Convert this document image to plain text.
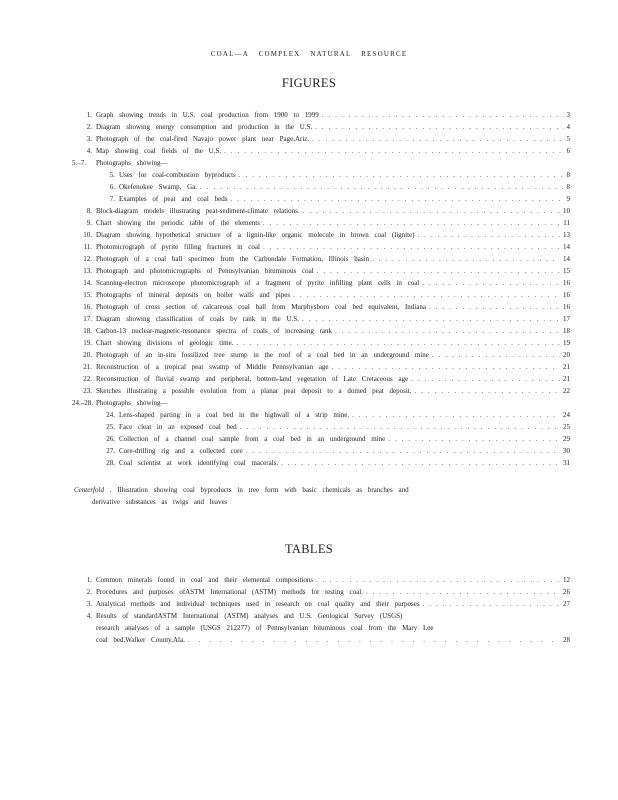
COAL—A COMPLEX NATURAL RESOURCE
FIGURES
1. Graph showing trends in U.S. coal production from 1900 to 1999 . . .	3
2. Diagram showing energy consumption and production in the U.S. . . .	4
3. Photograph of the coal-fired Navajo power plant near Page,Ariz. . . .	5
4. Map showing coal fields of the U.S. . . .	6
5.–7. Photographs showing—
5. Uses for coal-combustion byproducts . . .	8
6. Okefenokee Swamp, Ga. . . .	8
7. Examples of peat and coal beds . . .	9
8. Block-diagram models illustrating peat-sediment-climate relations. . . .	10
9. Chart showing the periodic table of the elements . . .	11
10. Diagram showing hypothetical structure of a lignin-like organic molecule in brown coal (lignite) . . .	13
11. Photomicrograph of pyrite filling fractures in coal . . .	14
12. Photograph of a coal ball specimen from the Carbondale Formation, Illinois basin . . .	14
13. Photograph and photomicrographs of Pennsylvanian bituminous coal . . .	15
14. Scanning-electron microscope photomicrograph of a fragment of pyrite infilling plant cells in coal . . .	16
15. Photographs of mineral deposits on boiler walls and pipes . . .	16
16. Photograph of cross section of calcareous coal ball from Murphysboro coal bed equivalent, Indiana . . .	16
17. Diagram showing classification of coals by rank in the U.S. . . .	17
18. Carbon-13 nuclear-magnetic-resonance spectra of coals of increasing rank . . .	18
19. Chart showing divisions of geologic time. . . .	19
20. Photograph of an in-situ fossilized tree stump in the roof of a coal bed in an underground mine . . .	20
21. Reconstruction of a tropical peat swamp of Middle Pennsylvanian age . . .	21
22. Reconstruction of fluvial swamp and peripheral, bottom-land vegetation of Late Cretaceous age . . .	21
23. Sketches illustrating a possible evolution from a planar peat deposit to a domed peat deposit. . . .	22
24.–28. Photographs showing—
24. Lens-shaped parting in a coal bed in the highwall of a strip mine. . . .	24
25. Face cleat in an exposed coal bed . . .	25
26. Collection of a channel coal sample from a coal bed in an underground mine . . .	29
27. Core-drilling rig and a collected core . . .	30
28. Coal scientist at work identifying coal macerals. . . .	31
Centerfold . Illustration showing coal byproducts in tree form with basic chemicals as branches and
derivative substances as twigs and leaves
TABLES
1. Common minerals found in coal and their elemental compositions . . .	12
2. Procedures and purposes ofASTM International (ASTM) methods for testing coal. . . .	26
3. Analytical methods and individual techniques used in research on coal quality and their purposes . . .	27
4. Results of standardASTM International (ASTM) analyses and U.S. Geological Survey (USGS)
research analyses of a sample (USGS 212277) of Pennsylvanian bituminous coal from the Mary Lee
coal bed,Walker County,Ala. . . .	28
